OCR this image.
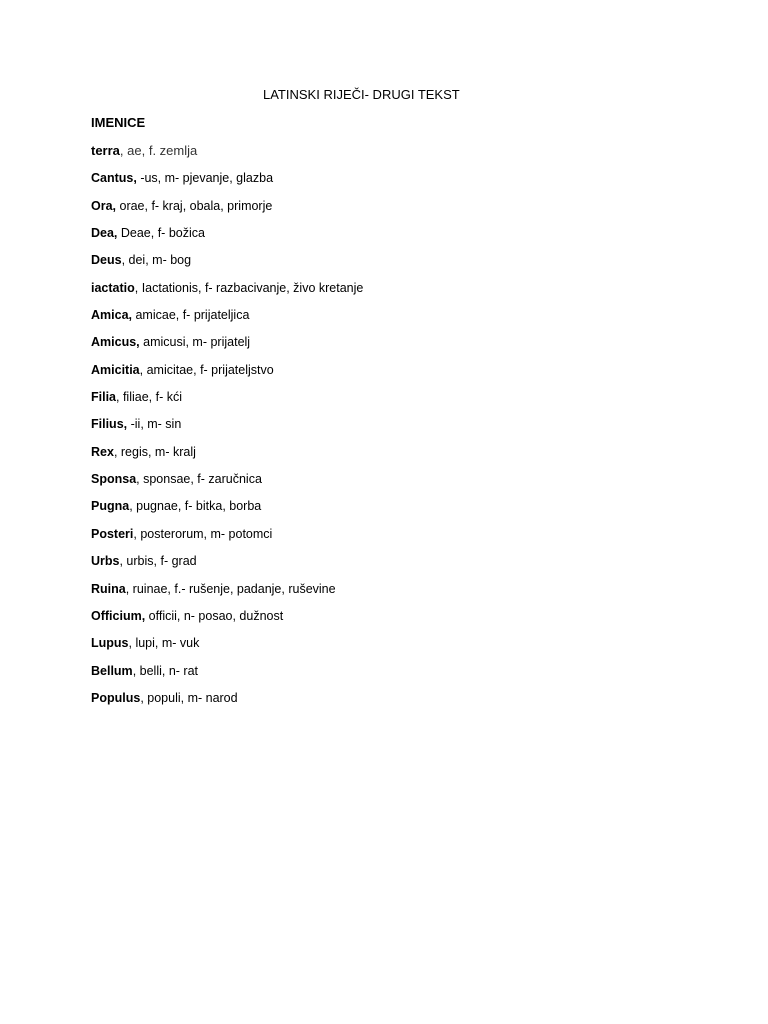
LATINSKI RIJEČI- DRUGI TEKST
IMENICE
terra, ae, f. zemlja
Cantus, -us, m- pjevanje, glazba
Ora, orae, f- kraj, obala, primorje
Dea, Deae, f- božica
Deus, dei, m- bog
iactatio, Iactationis, f- razbacivanje, živo kretanje
Amica, amicae, f- prijateljica
Amicus, amicusi, m- prijatelj
Amicitia, amicitae, f- prijateljstvo
Filia, filiae, f- kći
Filius, -ii, m- sin
Rex, regis, m- kralj
Sponsa, sponsae, f- zaručnica
Pugna, pugnae, f- bitka, borba
Posteri, posterorum, m- potomci
Urbs, urbis, f- grad
Ruina, ruinae, f.- rušenje, padanje, ruševine
Officium, officii, n- posao, dužnost
Lupus, lupi, m- vuk
Bellum, belli, n- rat
Populus, populi, m- narod
